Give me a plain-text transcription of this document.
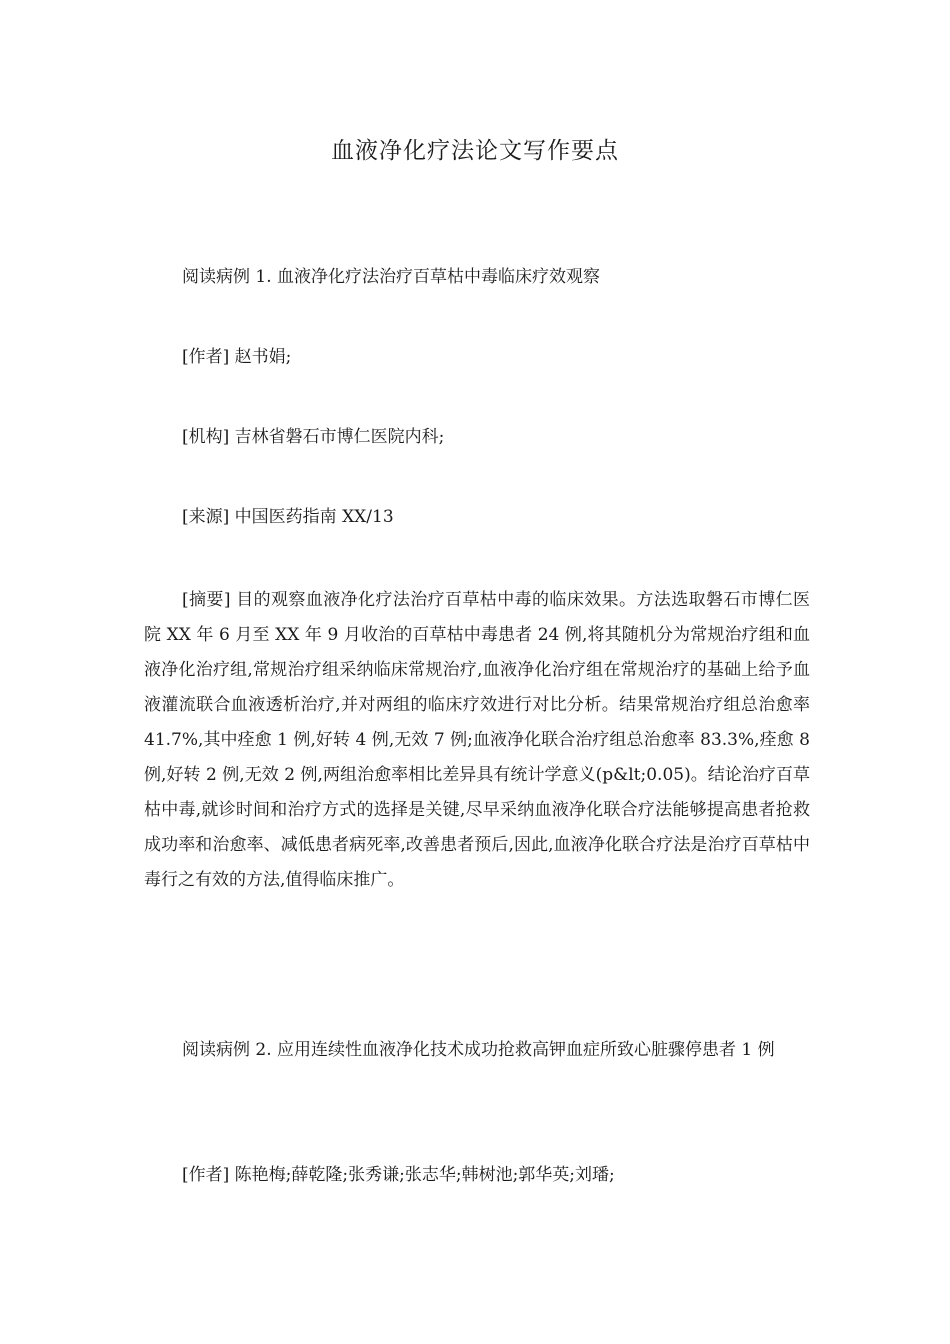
血液净化疗法论文写作要点
阅读病例 1. 血液净化疗法治疗百草枯中毒临床疗效观察
[作者] 赵书娟;
[机构] 吉林省磐石市博仁医院内科;
[来源] 中国医药指南 XX/13
[摘要] 目的观察血液净化疗法治疗百草枯中毒的临床效果。方法选取磐石市博仁医院 XX 年 6 月至 XX 年 9 月收治的百草枯中毒患者 24 例,将其随机分为常规治疗组和血液净化治疗组,常规治疗组采纳临床常规治疗,血液净化治疗组在常规治疗的基础上给予血液灌流联合血液透析治疗,并对两组的临床疗效进行对比分析。结果常规治疗组总治愈率 41.7%,其中痊愈 1 例,好转 4 例,无效 7 例;血液净化联合治疗组总治愈率 83.3%,痊愈 8 例,好转 2 例,无效 2 例,两组治愈率相比差异具有统计学意义(p&lt;0.05)。结论治疗百草枯中毒,就诊时间和治疗方式的选择是关键,尽早采纳血液净化联合疗法能够提高患者抢救成功率和治愈率、减低患者病死率,改善患者预后,因此,血液净化联合疗法是治疗百草枯中毒行之有效的方法,值得临床推广。
阅读病例 2. 应用连续性血液净化技术成功抢救高钾血症所致心脏骤停患者 1 例
[作者] 陈艳梅;薛乾隆;张秀谦;张志华;韩树池;郭华英;刘璠;
